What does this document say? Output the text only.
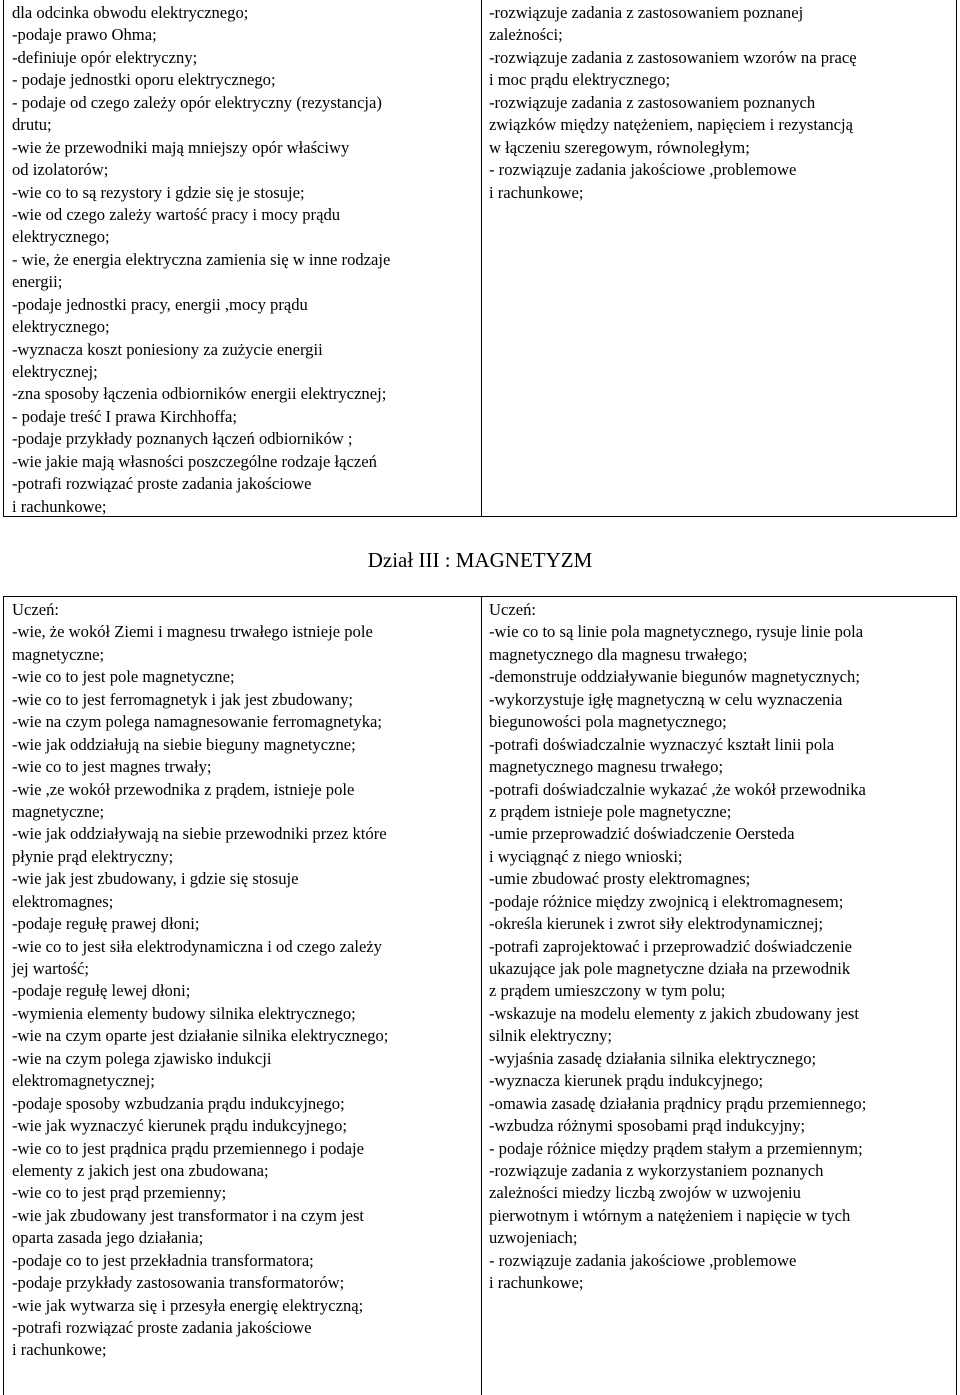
dla odcinka obwodu elektrycznego;
-podaje prawo Ohma;
-definiuje opór elektryczny;
- podaje jednostki oporu elektrycznego;
- podaje od czego zależy opór elektryczny (rezystancja)
drutu;
-wie że przewodniki mają mniejszy opór właściwy
od izolatorów;
-wie co to są rezystory i gdzie się je stosuje;
-wie od czego zależy wartość pracy i mocy prądu
elektrycznego;
- wie, że energia elektryczna zamienia się w inne rodzaje
energii;
-podaje jednostki pracy, energii ,mocy prądu
elektrycznego;
-wyznacza koszt poniesiony za zużycie energii
elektrycznej;
-zna sposoby łączenia odbiorników energii elektrycznej;
- podaje treść I prawa Kirchhoffa;
-podaje przykłady poznanych łączeń odbiorników ;
-wie jakie mają własności poszczególne rodzaje łączeń
-potrafi rozwiązać proste zadania jakościowe
i rachunkowe;
-rozwiązuje zadania z zastosowaniem poznanej
zależności;
-rozwiązuje zadania z zastosowaniem wzorów na pracę
i moc prądu elektrycznego;
-rozwiązuje zadania z zastosowaniem poznanych
związków między natężeniem, napięciem i rezystancją
w łączeniu szeregowym, równoległym;
- rozwiązuje zadania jakościowe ,problemowe
i rachunkowe;
Dział III : MAGNETYZM
Uczeń:
-wie, że wokół Ziemi i magnesu trwałego istnieje pole
magnetyczne;
-wie co to jest pole magnetyczne;
-wie co to jest ferromagnetyk i jak jest zbudowany;
-wie na czym polega namagnesowanie ferromagnetyka;
-wie jak oddziałują na siebie bieguny magnetyczne;
-wie co to jest magnes trwały;
-wie ,ze wokół przewodnika z prądem, istnieje pole
magnetyczne;
-wie jak oddziaływają na siebie przewodniki przez które
płynie prąd elektryczny;
-wie jak jest zbudowany, i gdzie się stosuje
elektromagnes;
-podaje regułę prawej dłoni;
-wie co to jest siła elektrodynamiczna i od czego zależy
jej wartość;
-podaje regułę lewej dłoni;
-wymienia elementy budowy silnika elektrycznego;
-wie na czym oparte jest działanie silnika elektrycznego;
-wie na czym polega zjawisko indukcji
elektromagnetycznej;
-podaje sposoby wzbudzania prądu indukcyjnego;
-wie jak wyznaczyć kierunek prądu indukcyjnego;
-wie co to jest prądnica prądu przemiennego i podaje
elementy z jakich jest ona zbudowana;
-wie co to jest prąd przemienny;
-wie jak zbudowany jest transformator i na czym jest
oparta zasada jego działania;
-podaje co to jest przekładnia transformatora;
-podaje przykłady zastosowania transformatorów;
-wie jak wytwarza się i przesyła energię elektryczną;
-potrafi rozwiązać proste zadania jakościowe
i rachunkowe;
Uczeń:
-wie co to są linie pola magnetycznego, rysuje linie pola
magnetycznego dla magnesu trwałego;
-demonstruje oddziaływanie biegunów magnetycznych;
-wykorzystuje igłę magnetyczną w celu wyznaczenia
biegunowości pola magnetycznego;
-potrafi doświadczalnie wyznaczyć kształt linii pola
magnetycznego magnesu trwałego;
-potrafi doświadczalnie wykazać ,że wokół przewodnika
z prądem istnieje pole magnetyczne;
-umie przeprowadzić doświadczenie Oersteda
i wyciągnąć z niego wnioski;
-umie zbudować prosty elektromagnes;
-podaje różnice między zwojnicą i elektromagnesem;
-określa kierunek i zwrot siły elektrodynamicznej;
-potrafi zaprojektować i przeprowadzić doświadczenie
ukazujące jak pole magnetyczne działa na przewodnik
z prądem umieszczony w tym polu;
-wskazuje na modelu elementy z jakich zbudowany jest
silnik elektryczny;
-wyjaśnia zasadę działania silnika elektrycznego;
-wyznacza kierunek prądu indukcyjnego;
-omawia zasadę działania prądnicy prądu przemiennego;
-wzbudza różnymi sposobami prąd indukcyjny;
- podaje różnice między prądem stałym a przemiennym;
-rozwiązuje zadania z wykorzystaniem poznanych
zależności miedzy liczbą zwojów w uzwojeniu
pierwotnym i wtórnym a natężeniem i napięcie w tych
uzwojeniach;
- rozwiązuje zadania jakościowe ,problemowe
i rachunkowe;
